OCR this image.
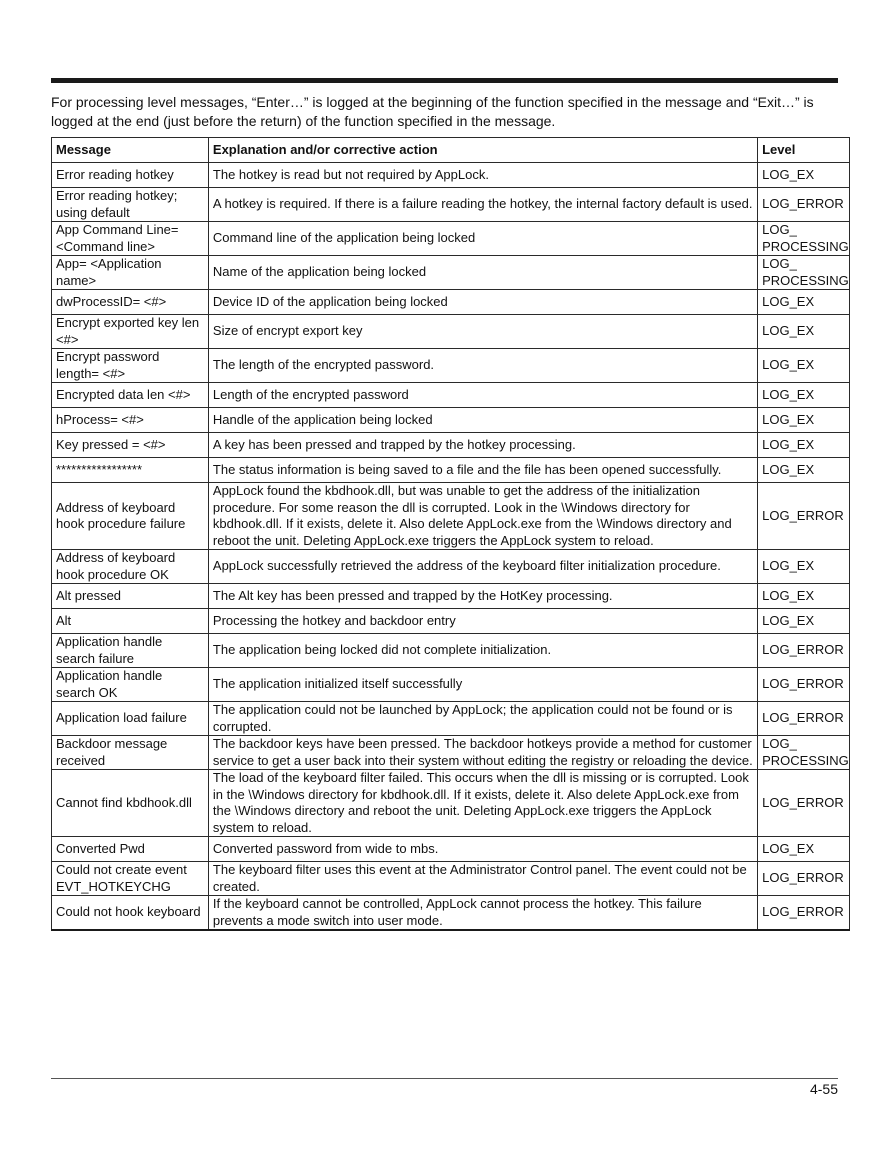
For processing level messages, “Enter…” is logged at the beginning of the function specified in the message and “Exit…” is logged at the end (just before the return) of the function specified in the message.

Message	Explanation and/or corrective action	Level
Error reading hotkey	The hotkey is read but not required by AppLock.	LOG_EX
Error reading hotkey; using default	A hotkey is required. If there is a failure reading the hotkey, the internal factory default is used.	LOG_ERROR
App Command Line= <Command line>	Command line of the application being locked	LOG_ PROCESSING
App= <Application name>	Name of the application being locked	LOG_ PROCESSING
dwProcessID= <#>	Device ID of the application being locked	LOG_EX
Encrypt exported key len <#>	Size of encrypt export key	LOG_EX
Encrypt password length= <#>	The length of the encrypted password.	LOG_EX
Encrypted data len <#>	Length of the encrypted password	LOG_EX
hProcess= <#>	Handle of the application being locked	LOG_EX
Key pressed = <#>	A key has been pressed and trapped by the hotkey processing.	LOG_EX
*****************	The status information is being saved to a file and the file has been opened successfully.	LOG_EX
Address of keyboard hook procedure failure	AppLock found the kbdhook.dll, but was unable to get the address of the initialization procedure. For some reason the dll is corrupted. Look in the \Windows directory for kbdhook.dll. If it exists, delete it. Also delete AppLock.exe from the \Windows directory and reboot the unit. Deleting AppLock.exe triggers the AppLock system to reload.	LOG_ERROR
Address of keyboard hook procedure OK	AppLock successfully retrieved the address of the keyboard filter initialization procedure.	LOG_EX
Alt pressed	The Alt key has been pressed and trapped by the HotKey processing.	LOG_EX
Alt	Processing the hotkey and backdoor entry	LOG_EX
Application handle search failure	The application being locked did not complete initialization.	LOG_ERROR
Application handle search OK	The application initialized itself successfully	LOG_ERROR
Application load failure	The application could not be launched by AppLock; the application could not be found or is corrupted.	LOG_ERROR
Backdoor message received	The backdoor keys have been pressed. The backdoor hotkeys provide a method for customer service to get a user back into their system without editing the registry or reloading the device.	LOG_ PROCESSING
Cannot find kbdhook.dll	The load of the keyboard filter failed. This occurs when the dll is missing or is corrupted. Look in the \Windows directory for kbdhook.dll. If it exists, delete it. Also delete AppLock.exe from the \Windows directory and reboot the unit. Deleting AppLock.exe triggers the AppLock system to reload.	LOG_ERROR
Converted Pwd	Converted password from wide to mbs.	LOG_EX
Could not create event EVT_HOTKEYCHG	The keyboard filter uses this event at the Administrator Control panel. The event could not be created.	LOG_ERROR
Could not hook keyboard	If the keyboard cannot be controlled, AppLock cannot process the hotkey. This failure prevents a mode switch into user mode.	LOG_ERROR
4-55
